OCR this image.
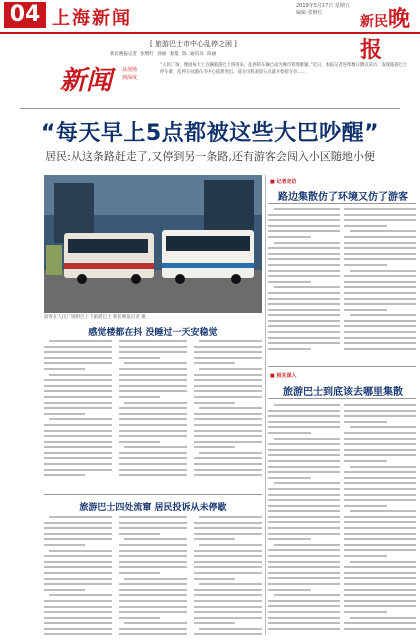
04 上海新闻
2019年5月17日 星期五 编辑 张继红
新民晚报
[ 旅游巴士市中心乱停之困 ]
新民晚报记者 张继红 徐丽 秦冕 陈 通讯员 陈丽
新闻 从现场
到深度
“人民广场、豫园每天上百辆旅游巴士挤进来，乱停的车辆已成为城市管理难题。”近日，本报记者连续数日蹲点采访，发现旅游巴士停车难、乱停车问题在市中心依然突出，部分司机凌晨五点就开始抢车位……
“每天早上5点都被这些大巴吵醒”
居民:从这条路赶走了,又停到另一条路,还有游客会闯入小区随地小便
游客在人民广场附近上下旅游巴士 新民晚报记者 摄
■ 记者走访
路边集散仿了环境又仿了游客
感觉楼都在抖 没睡过一天安稳觉
■ 相关深入
旅游巴士到底该去哪里集散
旅游巴士四处流窜 居民投诉从未停歇
